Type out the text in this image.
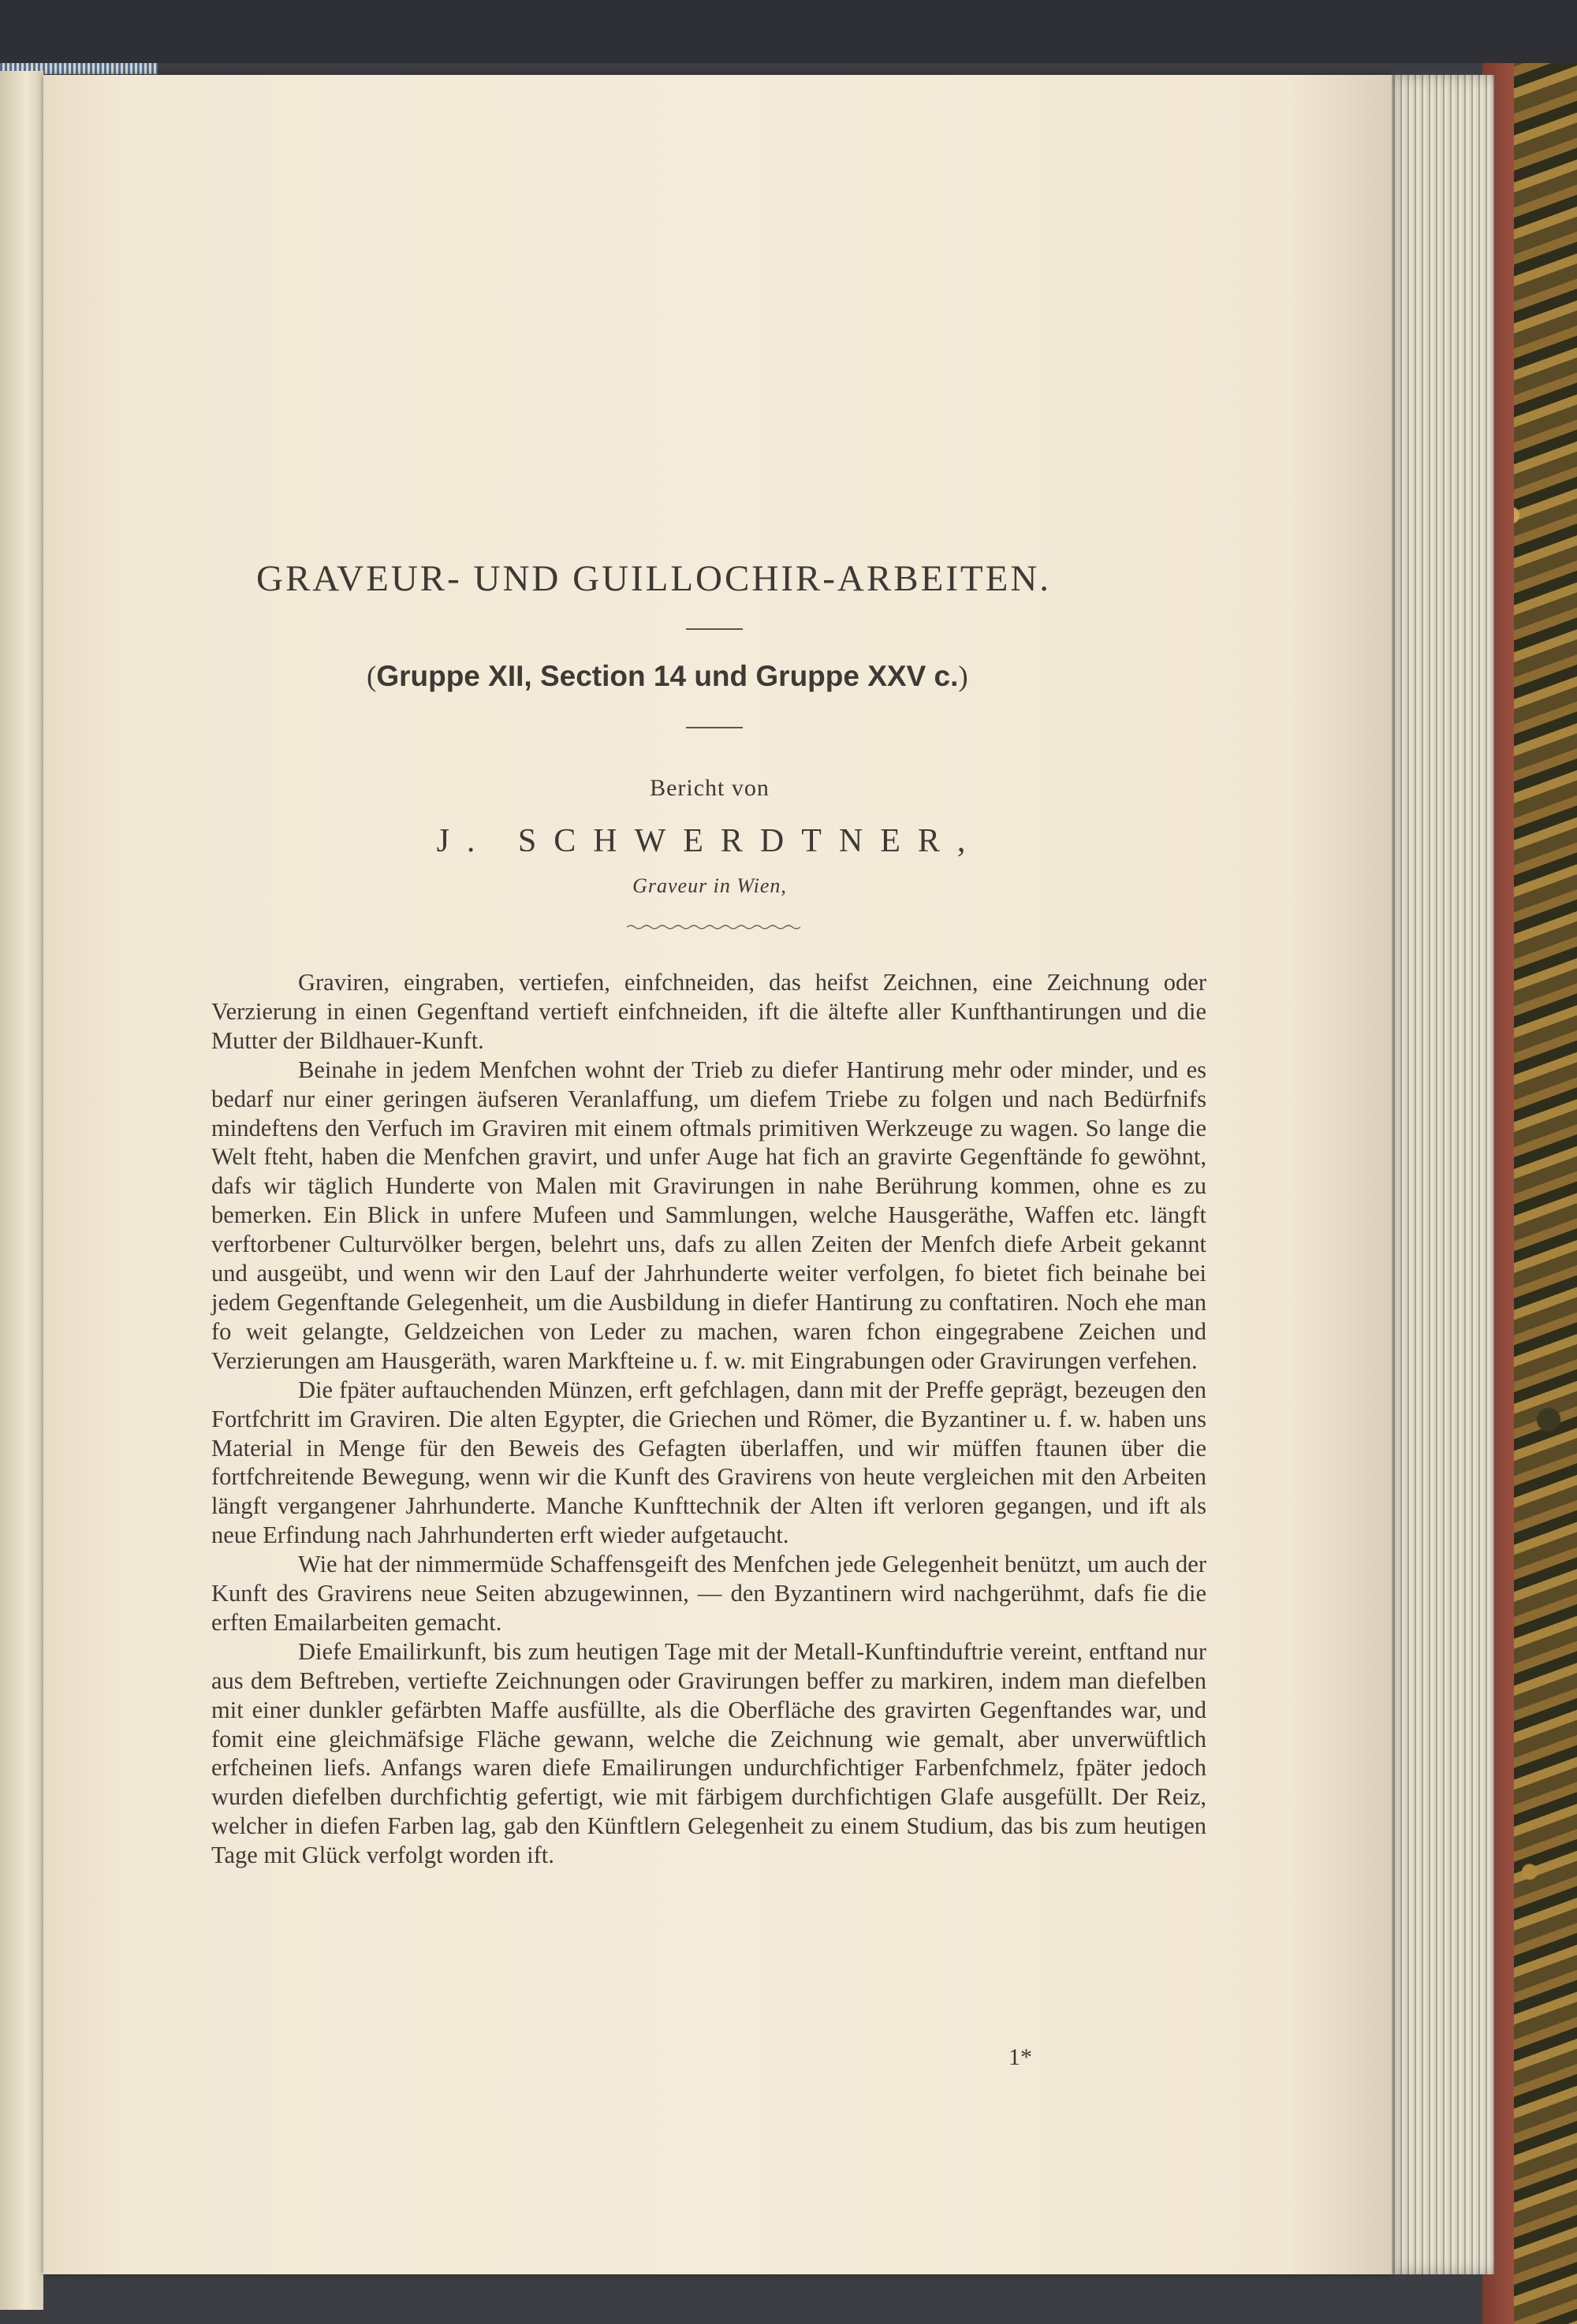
GRAVEUR- UND GUILLOCHIR-ARBEITEN.
(Gruppe XII, Section 14 und Gruppe XXV c.)
Bericht von
J. SCHWERDTNER,
Graveur in Wien,

Graviren, eingraben, vertiefen, einfchneiden, das heifst Zeichnen, eine Zeichnung oder Verzierung in einen Gegenftand vertieft einfchneiden, ift die ältefte aller Kunfthantirungen und die Mutter der Bildhauer-Kunft.

Beinahe in jedem Menfchen wohnt der Trieb zu diefer Hantirung mehr oder minder, und es bedarf nur einer geringen äufseren Veranlaffung, um diefem Triebe zu folgen und nach Bedürfnifs mindeftens den Verfuch im Graviren mit einem oftmals primitiven Werkzeuge zu wagen. So lange die Welt fteht, haben die Menfchen gravirt, und unfer Auge hat fich an gravirte Gegenftände fo gewöhnt, dafs wir täglich Hunderte von Malen mit Gravirungen in nahe Berührung kommen, ohne es zu bemerken. Ein Blick in unfere Mufeen und Sammlungen, welche Hausgeräthe, Waffen etc. längft verftorbener Culturvölker bergen, belehrt uns, dafs zu allen Zeiten der Menfch diefe Arbeit gekannt und ausgeübt, und wenn wir den Lauf der Jahrhunderte weiter verfolgen, fo bietet fich beinahe bei jedem Gegenftande Gelegenheit, um die Ausbildung in diefer Hantirung zu conftatiren. Noch ehe man fo weit gelangte, Geldzeichen von Leder zu machen, waren fchon eingegrabene Zeichen und Verzierungen am Hausgeräth, waren Markfteine u. f. w. mit Eingrabungen oder Gravirungen verfehen.

Die fpäter auftauchenden Münzen, erft gefchlagen, dann mit der Preffe geprägt, bezeugen den Fortfchritt im Graviren. Die alten Egypter, die Griechen und Römer, die Byzantiner u. f. w. haben uns Material in Menge für den Beweis des Gefagten überlaffen, und wir müffen ftaunen über die fortfchreitende Bewegung, wenn wir die Kunft des Gravirens von heute vergleichen mit den Arbeiten längft vergangener Jahrhunderte. Manche Kunfttechnik der Alten ift verloren gegangen, und ift als neue Erfindung nach Jahrhunderten erft wieder aufgetaucht.

Wie hat der nimmermüde Schaffensgeift des Menfchen jede Gelegenheit benützt, um auch der Kunft des Gravirens neue Seiten abzugewinnen, — den Byzantinern wird nachgerühmt, dafs fie die erften Emailarbeiten gemacht.

Diefe Emailirkunft, bis zum heutigen Tage mit der Metall-Kunftinduftrie vereint, entftand nur aus dem Beftreben, vertiefte Zeichnungen oder Gravirungen beffer zu markiren, indem man diefelben mit einer dunkler gefärbten Maffe ausfüllte, als die Oberfläche des gravirten Gegenftandes war, und fomit eine gleichmäfsige Fläche gewann, welche die Zeichnung wie gemalt, aber unverwüftlich erfcheinen liefs. Anfangs waren diefe Emailirungen undurchfichtiger Farbenfchmelz, fpäter jedoch wurden diefelben durchfichtig gefertigt, wie mit färbigem durchfichtigen Glafe ausgefüllt. Der Reiz, welcher in diefen Farben lag, gab den Künftlern Gelegenheit zu einem Studium, das bis zum heutigen Tage mit Glück verfolgt worden ift.

1*
